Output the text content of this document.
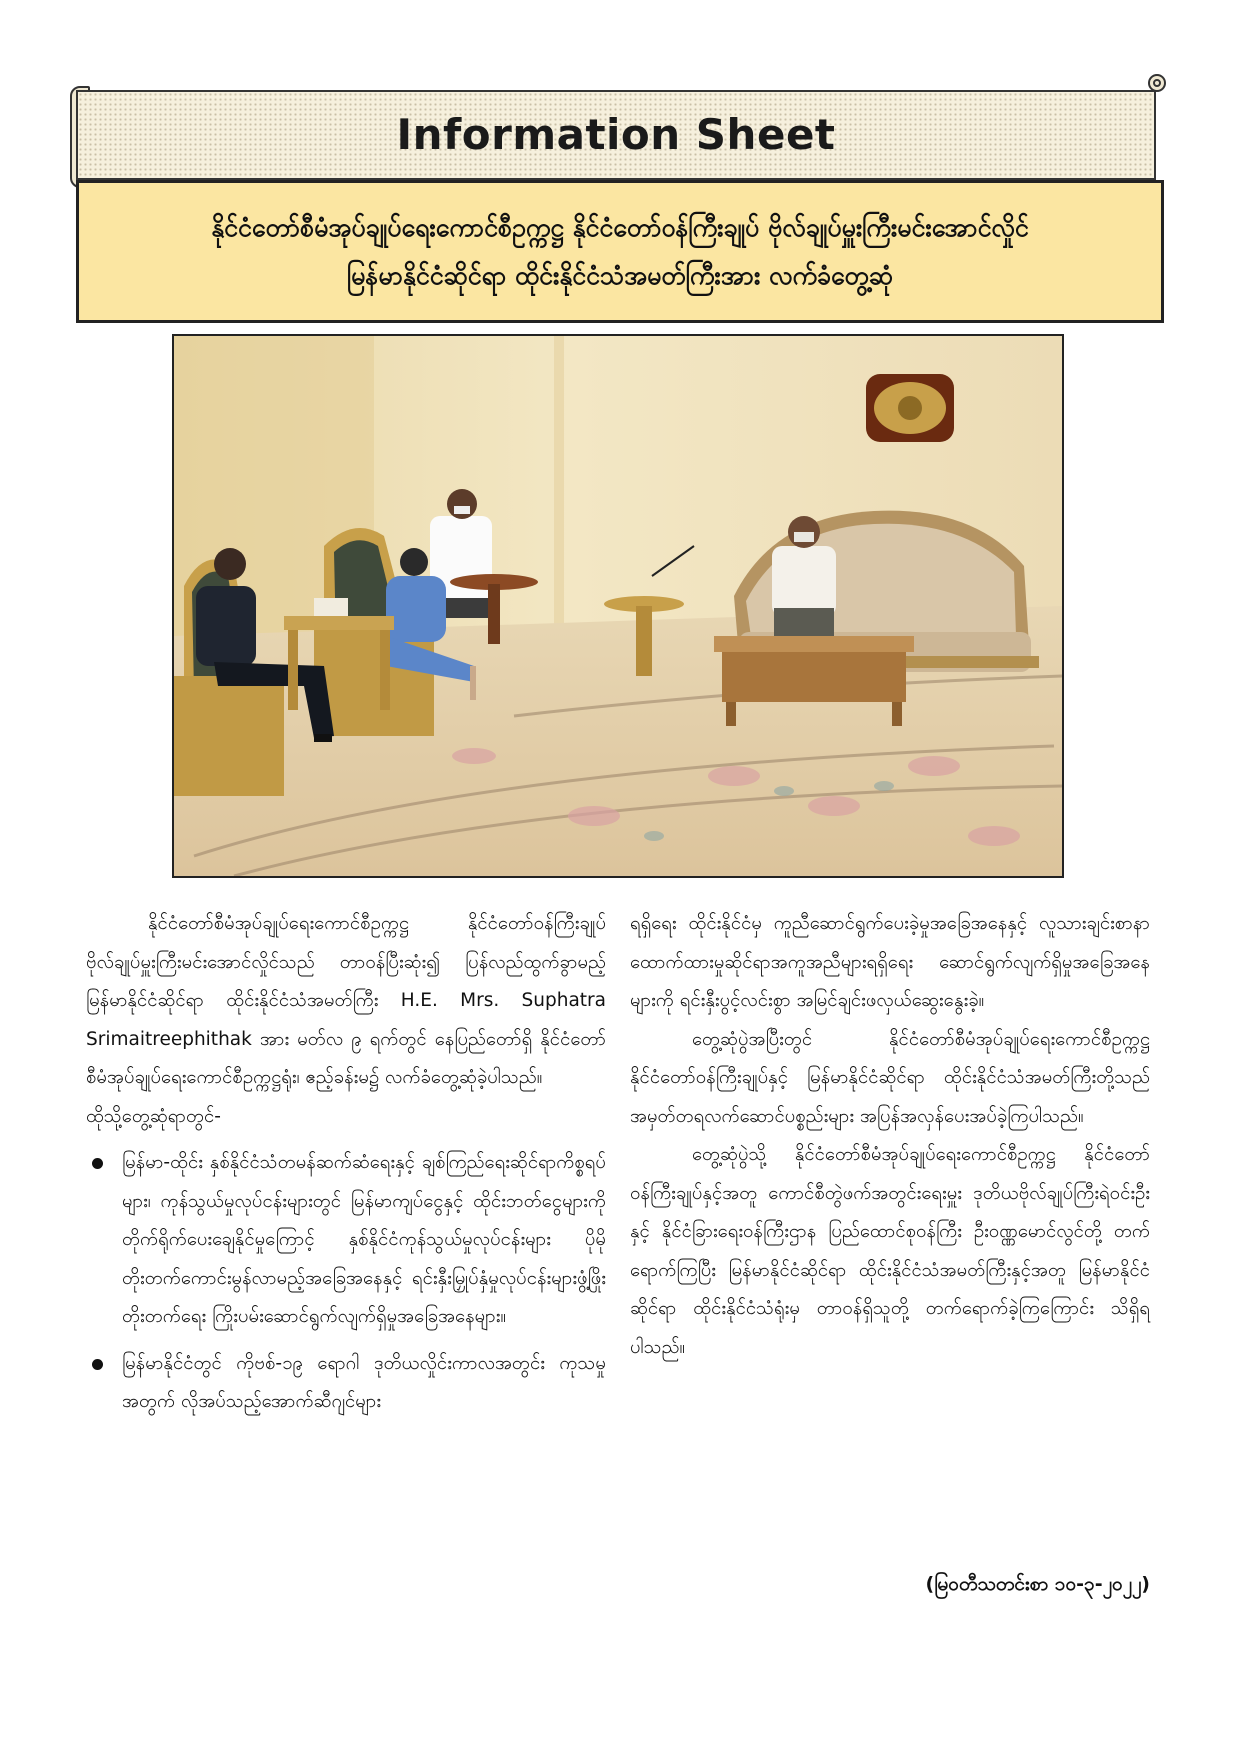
Information Sheet
နိုင်ငံတော်စီမံအုပ်ချုပ်ရေးကောင်စီဥက္ကဋ္ဌ နိုင်ငံတော်ဝန်ကြီးချုပ် ဗိုလ်ချုပ်မှူးကြီးမင်းအောင်လှိုင်
မြန်မာနိုင်ငံဆိုင်ရာ ထိုင်းနိုင်ငံသံအမတ်ကြီးအား လက်ခံတွေ့ဆုံ

နိုင်ငံတော်စီမံအုပ်ချုပ်ရေးကောင်စီဥက္ကဋ္ဌ နိုင်ငံတော်ဝန်ကြီးချုပ် ဗိုလ်ချုပ်မှူးကြီးမင်းအောင်လှိုင်သည် တာဝန်ပြီးဆုံး၍ ပြန်လည်ထွက်ခွာမည့် မြန်မာနိုင်ငံဆိုင်ရာ ထိုင်းနိုင်ငံသံအမတ်ကြီး H.E. Mrs. Suphatra Srimaitreephithak အား မတ်လ ၉ ရက်တွင် နေပြည်တော်ရှိ နိုင်ငံတော်စီမံအုပ်ချုပ်ရေးကောင်စီဥက္ကဋ္ဌရုံး၊ ဧည့်ခန်းမ၌ လက်ခံတွေ့ဆုံခဲ့ပါသည်။

ထိုသို့တွေ့ဆုံရာတွင်-

မြန်မာ-ထိုင်း နှစ်နိုင်ငံသံတမန်ဆက်ဆံရေးနှင့် ချစ်ကြည်ရေးဆိုင်ရာကိစ္စရပ်များ၊ ကုန်သွယ်မှုလုပ်ငန်းများတွင် မြန်မာကျပ်ငွေနှင့် ထိုင်းဘတ်ငွေများကို တိုက်ရိုက်ပေးချေနိုင်မှုကြောင့် နှစ်နိုင်ငံကုန်သွယ်မှုလုပ်ငန်းများ ပိုမိုတိုးတက်ကောင်းမွန်လာမည့်အခြေအနေနှင့် ရင်းနှီးမြှုပ်နှံမှုလုပ်ငန်းများဖွံ့ဖြိုးတိုးတက်ရေး ကြိုးပမ်းဆောင်ရွက်လျက်ရှိမှုအခြေအနေများ။
မြန်မာနိုင်ငံတွင် ကိုဗစ်-၁၉ ရောဂါ ဒုတိယလှိုင်းကာလအတွင်း ကုသမှုအတွက် လိုအပ်သည့်အောက်ဆီဂျင်များ

ရရှိရေး ထိုင်းနိုင်ငံမှ ကူညီဆောင်ရွက်ပေးခဲ့မှုအခြေအနေနှင့် လူသားချင်းစာနာထောက်ထားမှုဆိုင်ရာအကူအညီများရရှိရေး ဆောင်ရွက်လျက်ရှိမှုအခြေအနေများကို ရင်းနှီးပွင့်လင်းစွာ အမြင်ချင်းဖလှယ်ဆွေးနွေးခဲ့။

တွေ့ဆုံပွဲအပြီးတွင် နိုင်ငံတော်စီမံအုပ်ချုပ်ရေးကောင်စီဥက္ကဋ္ဌ နိုင်ငံတော်ဝန်ကြီးချုပ်နှင့် မြန်မာနိုင်ငံဆိုင်ရာ ထိုင်းနိုင်ငံသံအမတ်ကြီးတို့သည် အမှတ်တရလက်ဆောင်ပစ္စည်းများ အပြန်အလှန်ပေးအပ်ခဲ့ကြပါသည်။

တွေ့ဆုံပွဲသို့ နိုင်ငံတော်စီမံအုပ်ချုပ်ရေးကောင်စီဥက္ကဋ္ဌ နိုင်ငံတော်ဝန်ကြီးချုပ်နှင့်အတူ ကောင်စီတွဲဖက်အတွင်းရေးမှူး ဒုတိယဗိုလ်ချုပ်ကြီးရဲဝင်းဦးနှင့် နိုင်ငံခြားရေးဝန်ကြီးဌာန ပြည်ထောင်စုဝန်ကြီး ဦးဝဏ္ဏမောင်လွင်တို့ တက်ရောက်ကြပြီး မြန်မာနိုင်ငံဆိုင်ရာ ထိုင်းနိုင်ငံသံအမတ်ကြီးနှင့်အတူ မြန်မာနိုင်ငံဆိုင်ရာ ထိုင်းနိုင်ငံသံရုံးမှ တာဝန်ရှိသူတို့ တက်ရောက်ခဲ့ကြကြောင်း သိရှိရပါသည်။

(မြဝတီသတင်းစာ ၁၀-၃-၂၀၂၂)
